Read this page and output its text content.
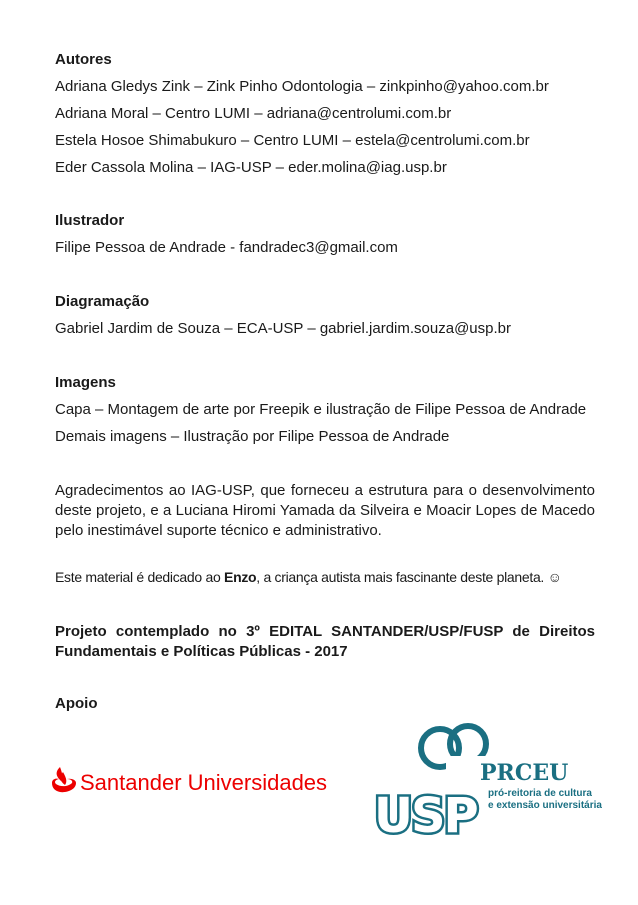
Autores
Adriana Gledys Zink – Zink Pinho Odontologia – zinkpinho@yahoo.com.br
Adriana Moral – Centro LUMI – adriana@centrolumi.com.br
Estela Hosoe Shimabukuro – Centro LUMI – estela@centrolumi.com.br
Eder Cassola Molina – IAG-USP – eder.molina@iag.usp.br
Ilustrador
Filipe Pessoa de Andrade - fandradec3@gmail.com
Diagramação
Gabriel Jardim de Souza – ECA-USP – gabriel.jardim.souza@usp.br
Imagens
Capa – Montagem de arte por Freepik e ilustração de Filipe Pessoa de Andrade
Demais imagens – Ilustração por Filipe Pessoa de Andrade
Agradecimentos ao IAG-USP, que forneceu a estrutura para o desenvolvimento deste projeto, e a Luciana Hiromi Yamada da Silveira e Moacir Lopes de Macedo pelo inestimável suporte técnico e administrativo.
Este material é dedicado ao Enzo, a criança autista mais fascinante deste planeta. ☺
Projeto contemplado no 3º EDITAL SANTANDER/USP/FUSP de Direitos Fundamentais e Políticas Públicas - 2017
Apoio
Santander Universidades	PRCEU
pró-reitoria de cultura
e extensão universitária
USP
